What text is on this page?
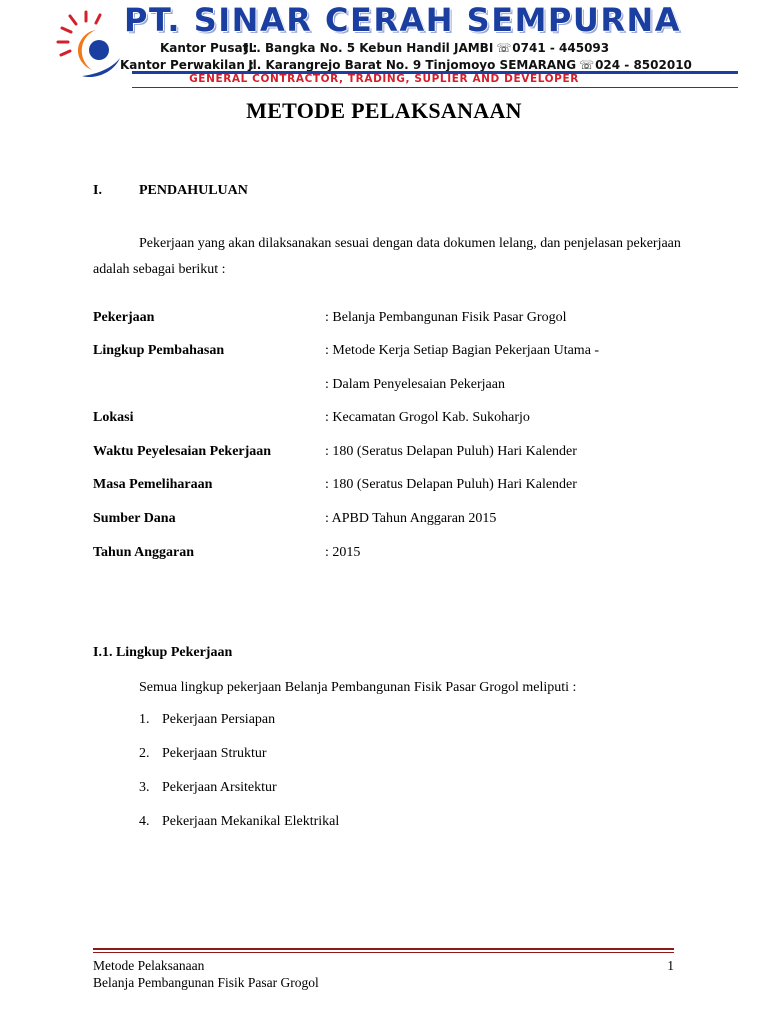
PT. SINAR CERAH SEMPURNA
Kantor Pusat : JL. Bangka No. 5 Kebun Handil JAMBI ☏0741 - 445093
Kantor Perwakilan : Jl. Karangrejo Barat No. 9 Tinjomoyo SEMARANG ☏024 - 8502010
GENERAL CONTRACTOR, TRADING, SUPLIER AND DEVELOPER
METODE PELAKSANAAN
I.	PENDAHULUAN
Pekerjaan yang akan dilaksanakan sesuai dengan data dokumen lelang, dan penjelasan pekerjaan adalah sebagai berikut :
Pekerjaan	: Belanja Pembangunan Fisik Pasar Grogol
Lingkup Pembahasan	: Metode Kerja Setiap Bagian Pekerjaan Utama -
: Dalam Penyelesaian Pekerjaan
Lokasi	: Kecamatan Grogol Kab. Sukoharjo
Waktu Peyelesaian Pekerjaan	: 180 (Seratus Delapan Puluh) Hari Kalender
Masa Pemeliharaan	: 180 (Seratus Delapan Puluh) Hari Kalender
Sumber Dana	: APBD Tahun Anggaran 2015
Tahun Anggaran	: 2015
I.1. Lingkup Pekerjaan
Semua lingkup pekerjaan Belanja Pembangunan Fisik Pasar Grogol meliputi :
1. Pekerjaan Persiapan
2. Pekerjaan Struktur
3. Pekerjaan Arsitektur
4. Pekerjaan Mekanikal Elektrikal
Metode Pelaksanaan
Belanja Pembangunan Fisik Pasar Grogol
1
